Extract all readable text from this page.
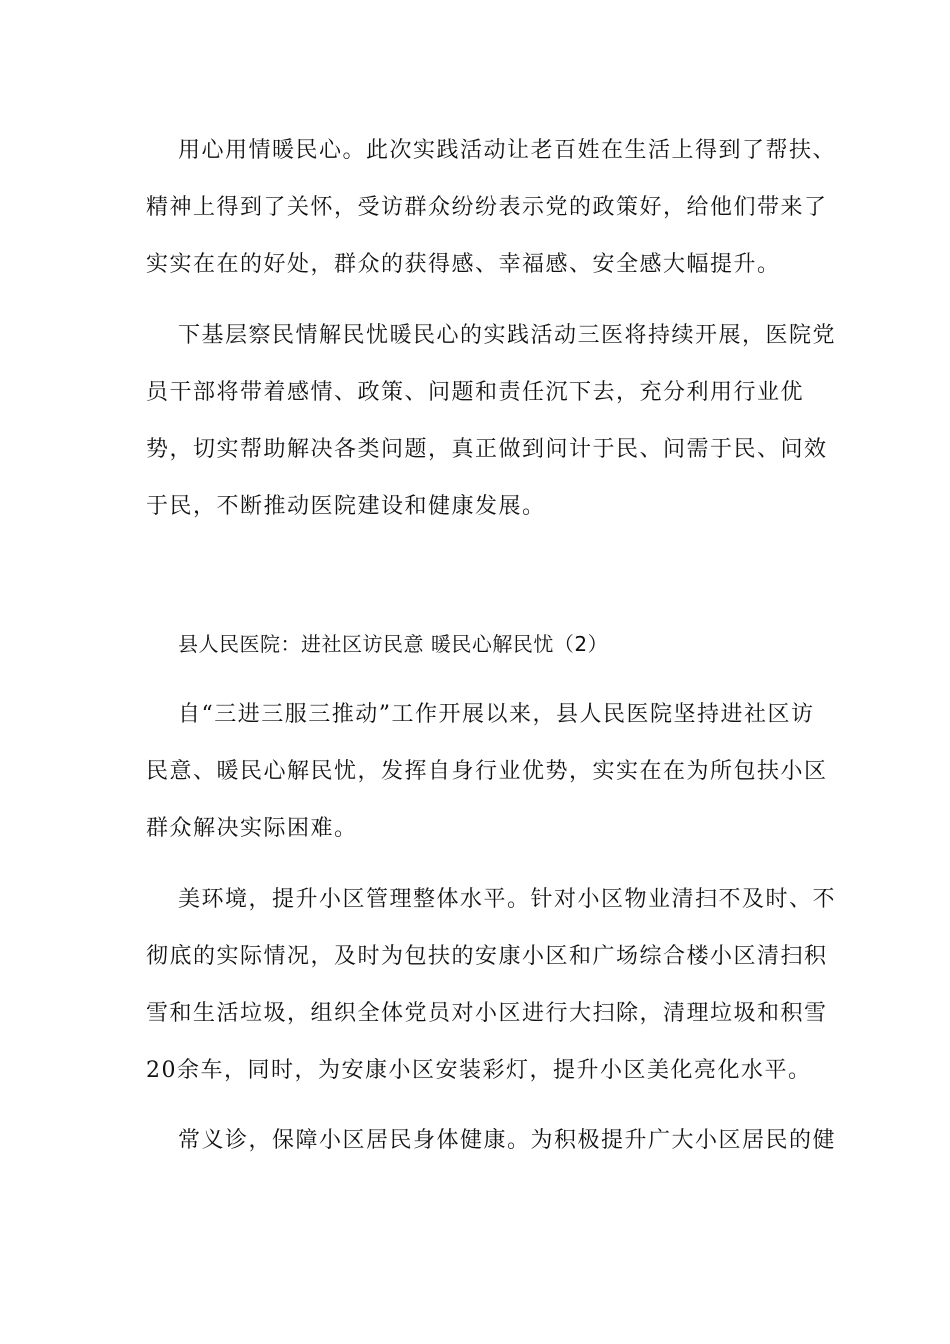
用心用情暖民心。此次实践活动让老百姓在生活上得到了帮扶、
精神上得到了关怀，受访群众纷纷表示党的政策好，给他们带来了
实实在在的好处，群众的获得感、幸福感、安全感大幅提升。
下基层察民情解民忧暖民心的实践活动三医将持续开展，医院党
员干部将带着感情、政策、问题和责任沉下去，充分利用行业优
势，切实帮助解决各类问题，真正做到问计于民、问需于民、问效
于民，不断推动医院建设和健康发展。
县人民医院：进社区访民意 暖民心解民忧（2）
自“三进三服三推动”工作开展以来，县人民医院坚持进社区访
民意、暖民心解民忧，发挥自身行业优势，实实在在为所包扶小区
群众解决实际困难。
美环境，提升小区管理整体水平。针对小区物业清扫不及时、不
彻底的实际情况，及时为包扶的安康小区和广场综合楼小区清扫积
雪和生活垃圾，组织全体党员对小区进行大扫除，清理垃圾和积雪
20余车，同时，为安康小区安装彩灯，提升小区美化亮化水平。
常义诊，保障小区居民身体健康。为积极提升广大小区居民的健
